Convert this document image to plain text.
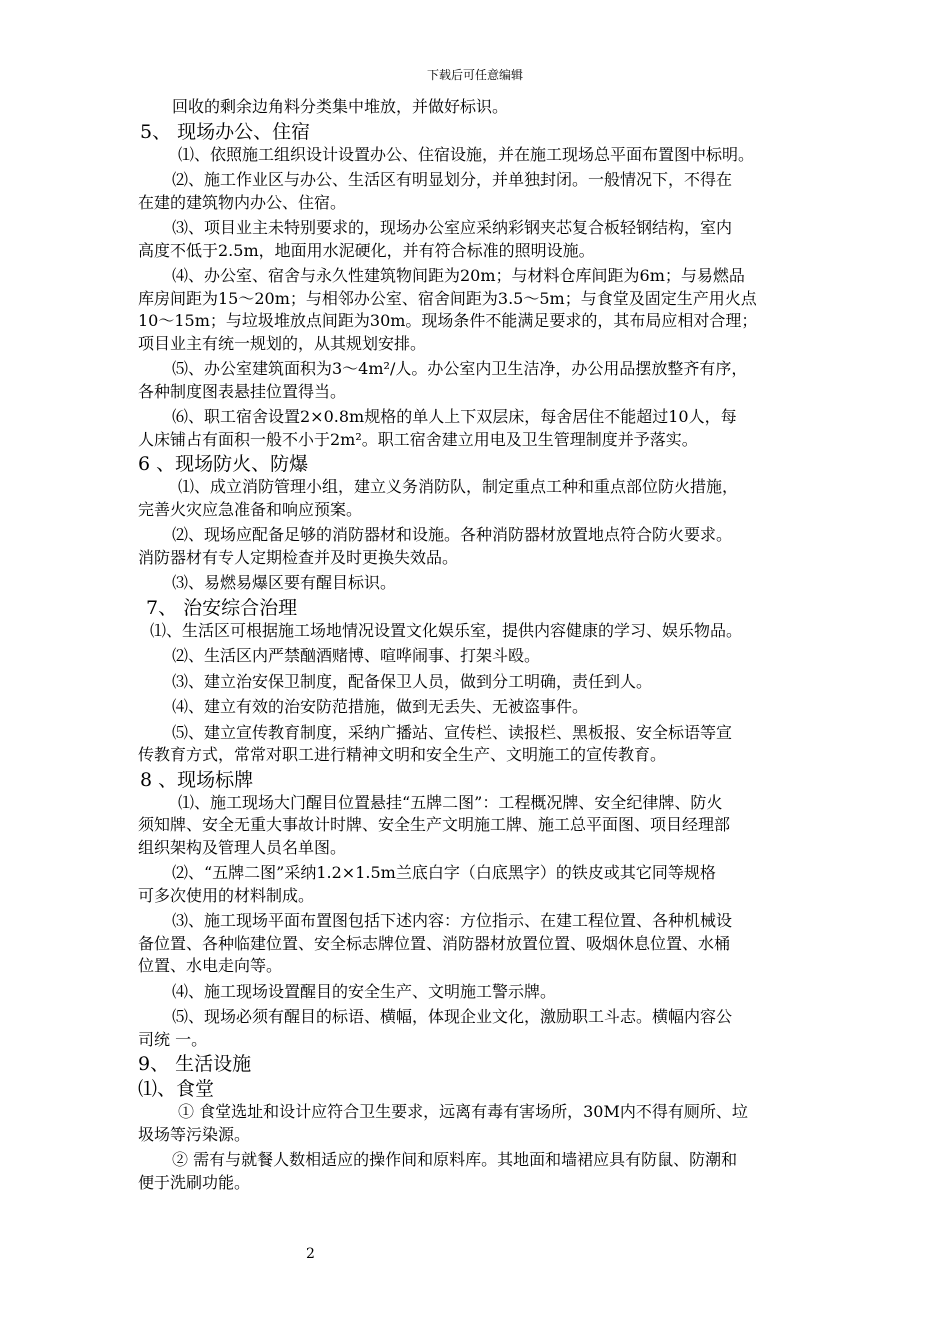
下载后可任意编辑
回收的剩余边角料分类集中堆放，并做好标识。
5、 现场办公、住宿
⑴、依照施工组织设计设置办公、住宿设施，并在施工现场总平面布置图中标明。
⑵、施工作业区与办公、生活区有明显划分，并单独封闭。一般情况下，不得在
在建的建筑物内办公、住宿。
⑶、项目业主未特别要求的，现场办公室应采纳彩钢夹芯复合板轻钢结构，室内
高度不低于2.5m，地面用水泥硬化，并有符合标准的照明设施。
⑷、办公室、宿舍与永久性建筑物间距为20m；与材料仓库间距为6m；与易燃品
库房间距为15～20m；与相邻办公室、宿舍间距为3.5～5m；与食堂及固定生产用火点
10～15m；与垃圾堆放点间距为30m。现场条件不能满足要求的，其布局应相对合理；
项目业主有统一规划的，从其规划安排。
⑸、办公室建筑面积为3～4m²/人。办公室内卫生洁净，办公用品摆放整齐有序，
各种制度图表悬挂位置得当。
⑹、职工宿舍设置2×0.8m规格的单人上下双层床，每舍居住不能超过10人，每
人床铺占有面积一般不小于2m²。职工宿舍建立用电及卫生管理制度并予落实。
6 、现场防火、防爆
⑴、成立消防管理小组，建立义务消防队，制定重点工种和重点部位防火措施，
完善火灾应急准备和响应预案。
⑵、现场应配备足够的消防器材和设施。各种消防器材放置地点符合防火要求。
消防器材有专人定期检查并及时更换失效品。
⑶、易燃易爆区要有醒目标识。
7、 治安综合治理
⑴、生活区可根据施工场地情况设置文化娱乐室，提供内容健康的学习、娱乐物品。
⑵、生活区内严禁酗酒赌博、喧哗闹事、打架斗殴。
⑶、建立治安保卫制度，配备保卫人员，做到分工明确，责任到人。
⑷、建立有效的治安防范措施，做到无丢失、无被盗事件。
⑸、建立宣传教育制度，采纳广播站、宣传栏、读报栏、黑板报、安全标语等宣
传教育方式，常常对职工进行精神文明和安全生产、文明施工的宣传教育。
8 、现场标牌
⑴、施工现场大门醒目位置悬挂“五牌二图”：工程概况牌、安全纪律牌、防火
须知牌、安全无重大事故计时牌、安全生产文明施工牌、施工总平面图、项目经理部
组织架构及管理人员名单图。
⑵、“五牌二图”采纳1.2×1.5m兰底白字（白底黑字）的铁皮或其它同等规格
可多次使用的材料制成。
⑶、施工现场平面布置图包括下述内容：方位指示、在建工程位置、各种机械设
备位置、各种临建位置、安全标志牌位置、消防器材放置位置、吸烟休息位置、水桶
位置、水电走向等。
⑷、施工现场设置醒目的安全生产、文明施工警示牌。
⑸、现场必须有醒目的标语、横幅，体现企业文化，激励职工斗志。横幅内容公
司统 一。
9、 生活设施
⑴、食堂
① 食堂选址和设计应符合卫生要求，远离有毒有害场所，30M内不得有厕所、垃
圾场等污染源。
② 需有与就餐人数相适应的操作间和原料库。其地面和墙裙应具有防鼠、防潮和
便于洗刷功能。
2
